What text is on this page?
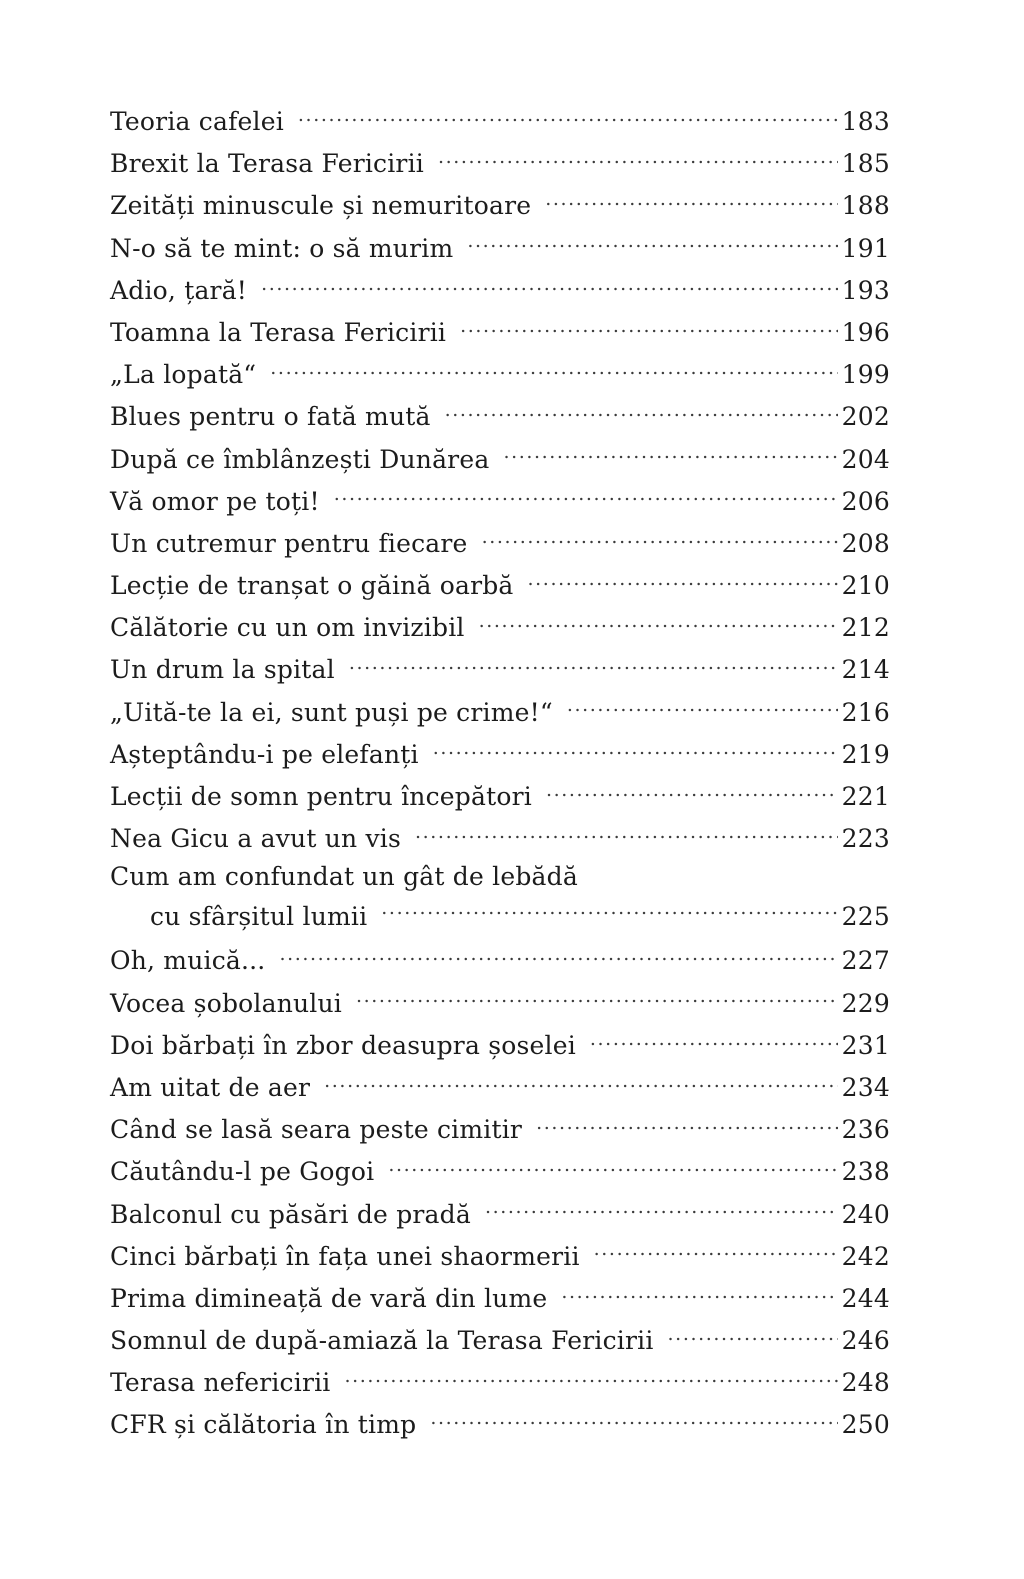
Teoria cafelei .....	183
Brexit la Terasa Fericirii .....	185
Zeități minuscule și nemuritoare .....	188
N-o să te mint: o să murim .....	191
Adio, țară! .....	193
Toamna la Terasa Fericirii .....	196
„La lopată“ .....	199
Blues pentru o fată mută .....	202
După ce îmblânzești Dunărea .....	204
Vă omor pe toți! .....	206
Un cutremur pentru fiecare .....	208
Lecție de tranșat o găină oarbă .....	210
Călătorie cu un om invizibil .....	212
Un drum la spital .....	214
„Uită-te la ei, sunt puși pe crime!“ .....	216
Așteptându-i pe elefanți .....	219
Lecții de somn pentru începători .....	221
Nea Gicu a avut un vis .....	223
Cum am confundat un gât de lebădă
cu sfârșitul lumii .....	225
Oh, muică... .....	227
Vocea șobolanului .....	229
Doi bărbați în zbor deasupra șoselei .....	231
Am uitat de aer .....	234
Când se lasă seara peste cimitir .....	236
Căutându-l pe Gogoi .....	238
Balconul cu păsări de pradă .....	240
Cinci bărbați în fața unei shaormerii .....	242
Prima dimineață de vară din lume .....	244
Somnul de după-amiază la Terasa Fericirii .....	246
Terasa nefericirii .....	248
CFR și călătoria în timp .....	250
